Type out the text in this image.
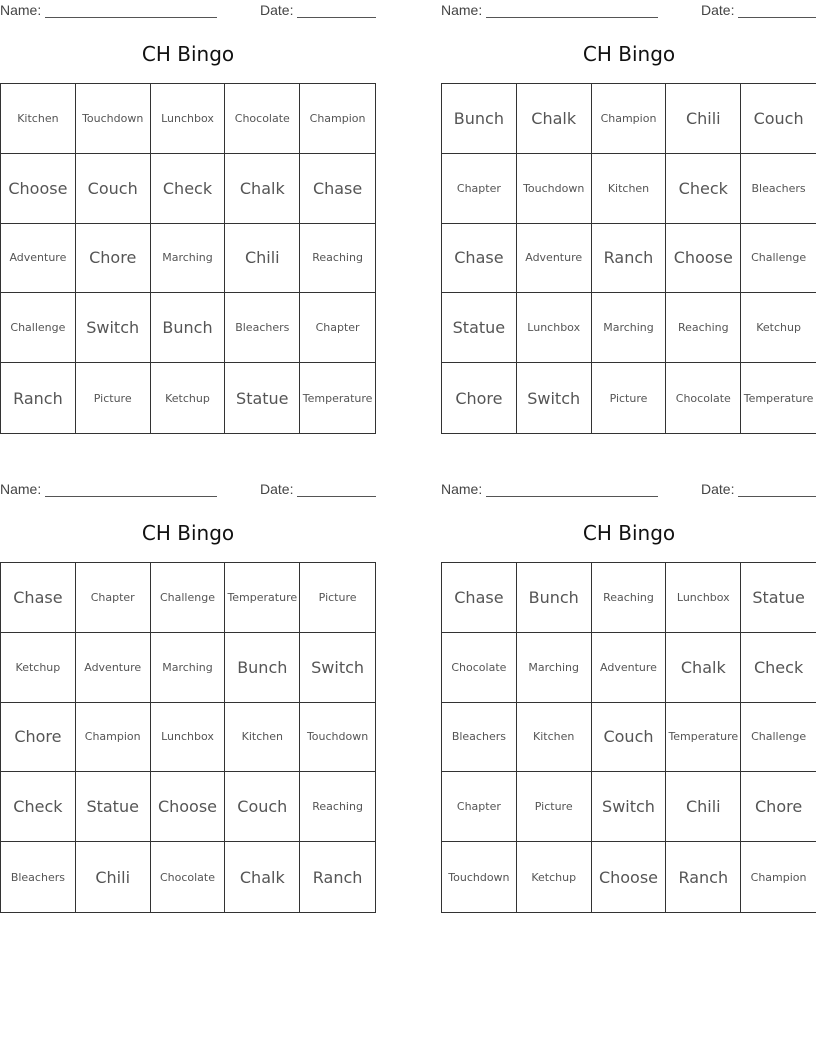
Name:	Date:
CH Bingo
Kitchen	Touchdown	Lunchbox	Chocolate	Champion
Choose	Couch	Check	Chalk	Chase
Adventure	Chore	Marching	Chili	Reaching
Challenge	Switch	Bunch	Bleachers	Chapter
Ranch	Picture	Ketchup	Statue	Temperature
Name:	Date:
CH Bingo
Bunch	Chalk	Champion	Chili	Couch
Chapter	Touchdown	Kitchen	Check	Bleachers
Chase	Adventure	Ranch	Choose	Challenge
Statue	Lunchbox	Marching	Reaching	Ketchup
Chore	Switch	Picture	Chocolate	Temperature
Name:	Date:
CH Bingo
Chase	Chapter	Challenge	Temperature	Picture
Ketchup	Adventure	Marching	Bunch	Switch
Chore	Champion	Lunchbox	Kitchen	Touchdown
Check	Statue	Choose	Couch	Reaching
Bleachers	Chili	Chocolate	Chalk	Ranch
Name:	Date:
CH Bingo
Chase	Bunch	Reaching	Lunchbox	Statue
Chocolate	Marching	Adventure	Chalk	Check
Bleachers	Kitchen	Couch	Temperature	Challenge
Chapter	Picture	Switch	Chili	Chore
Touchdown	Ketchup	Choose	Ranch	Champion
